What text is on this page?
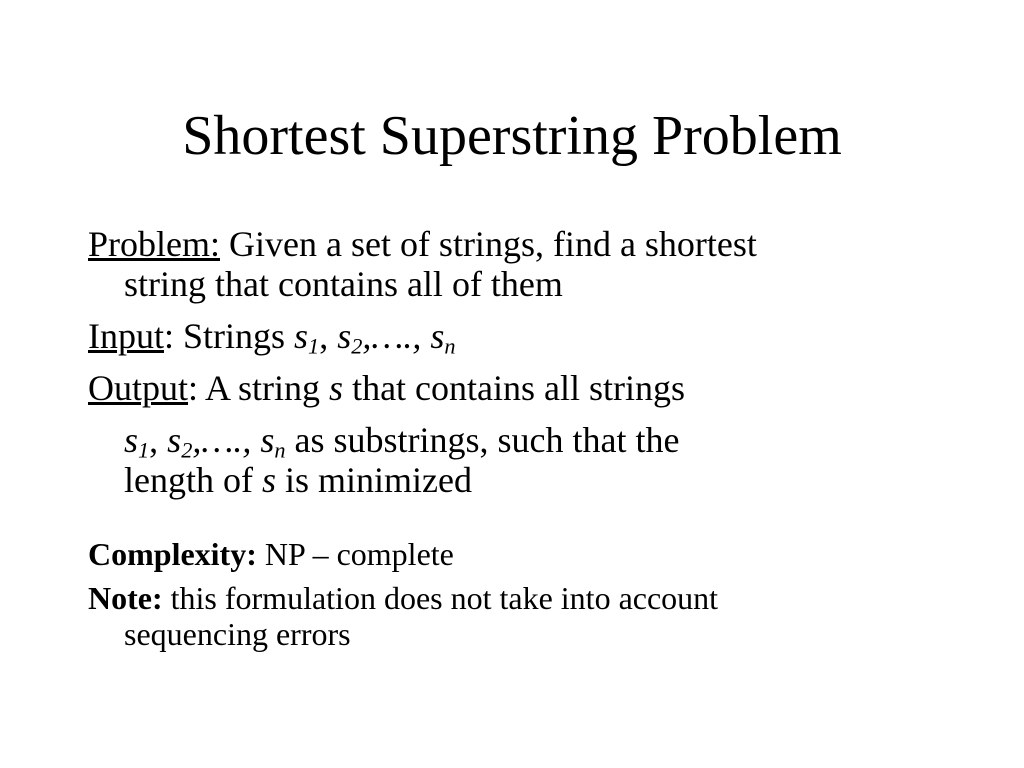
Shortest Superstring Problem

Problem: Given a set of strings, find a shortest
string that contains all of them

Input: Strings $s_1$, $s_2,\dots$., $s_n$

Output: A string s that contains all strings

$s_1$, $s_2,\dots$., $s_n$ as substrings, such that the
length of s is minimized

Complexity: NP – complete

Note: this formulation does not take into account
sequencing errors
